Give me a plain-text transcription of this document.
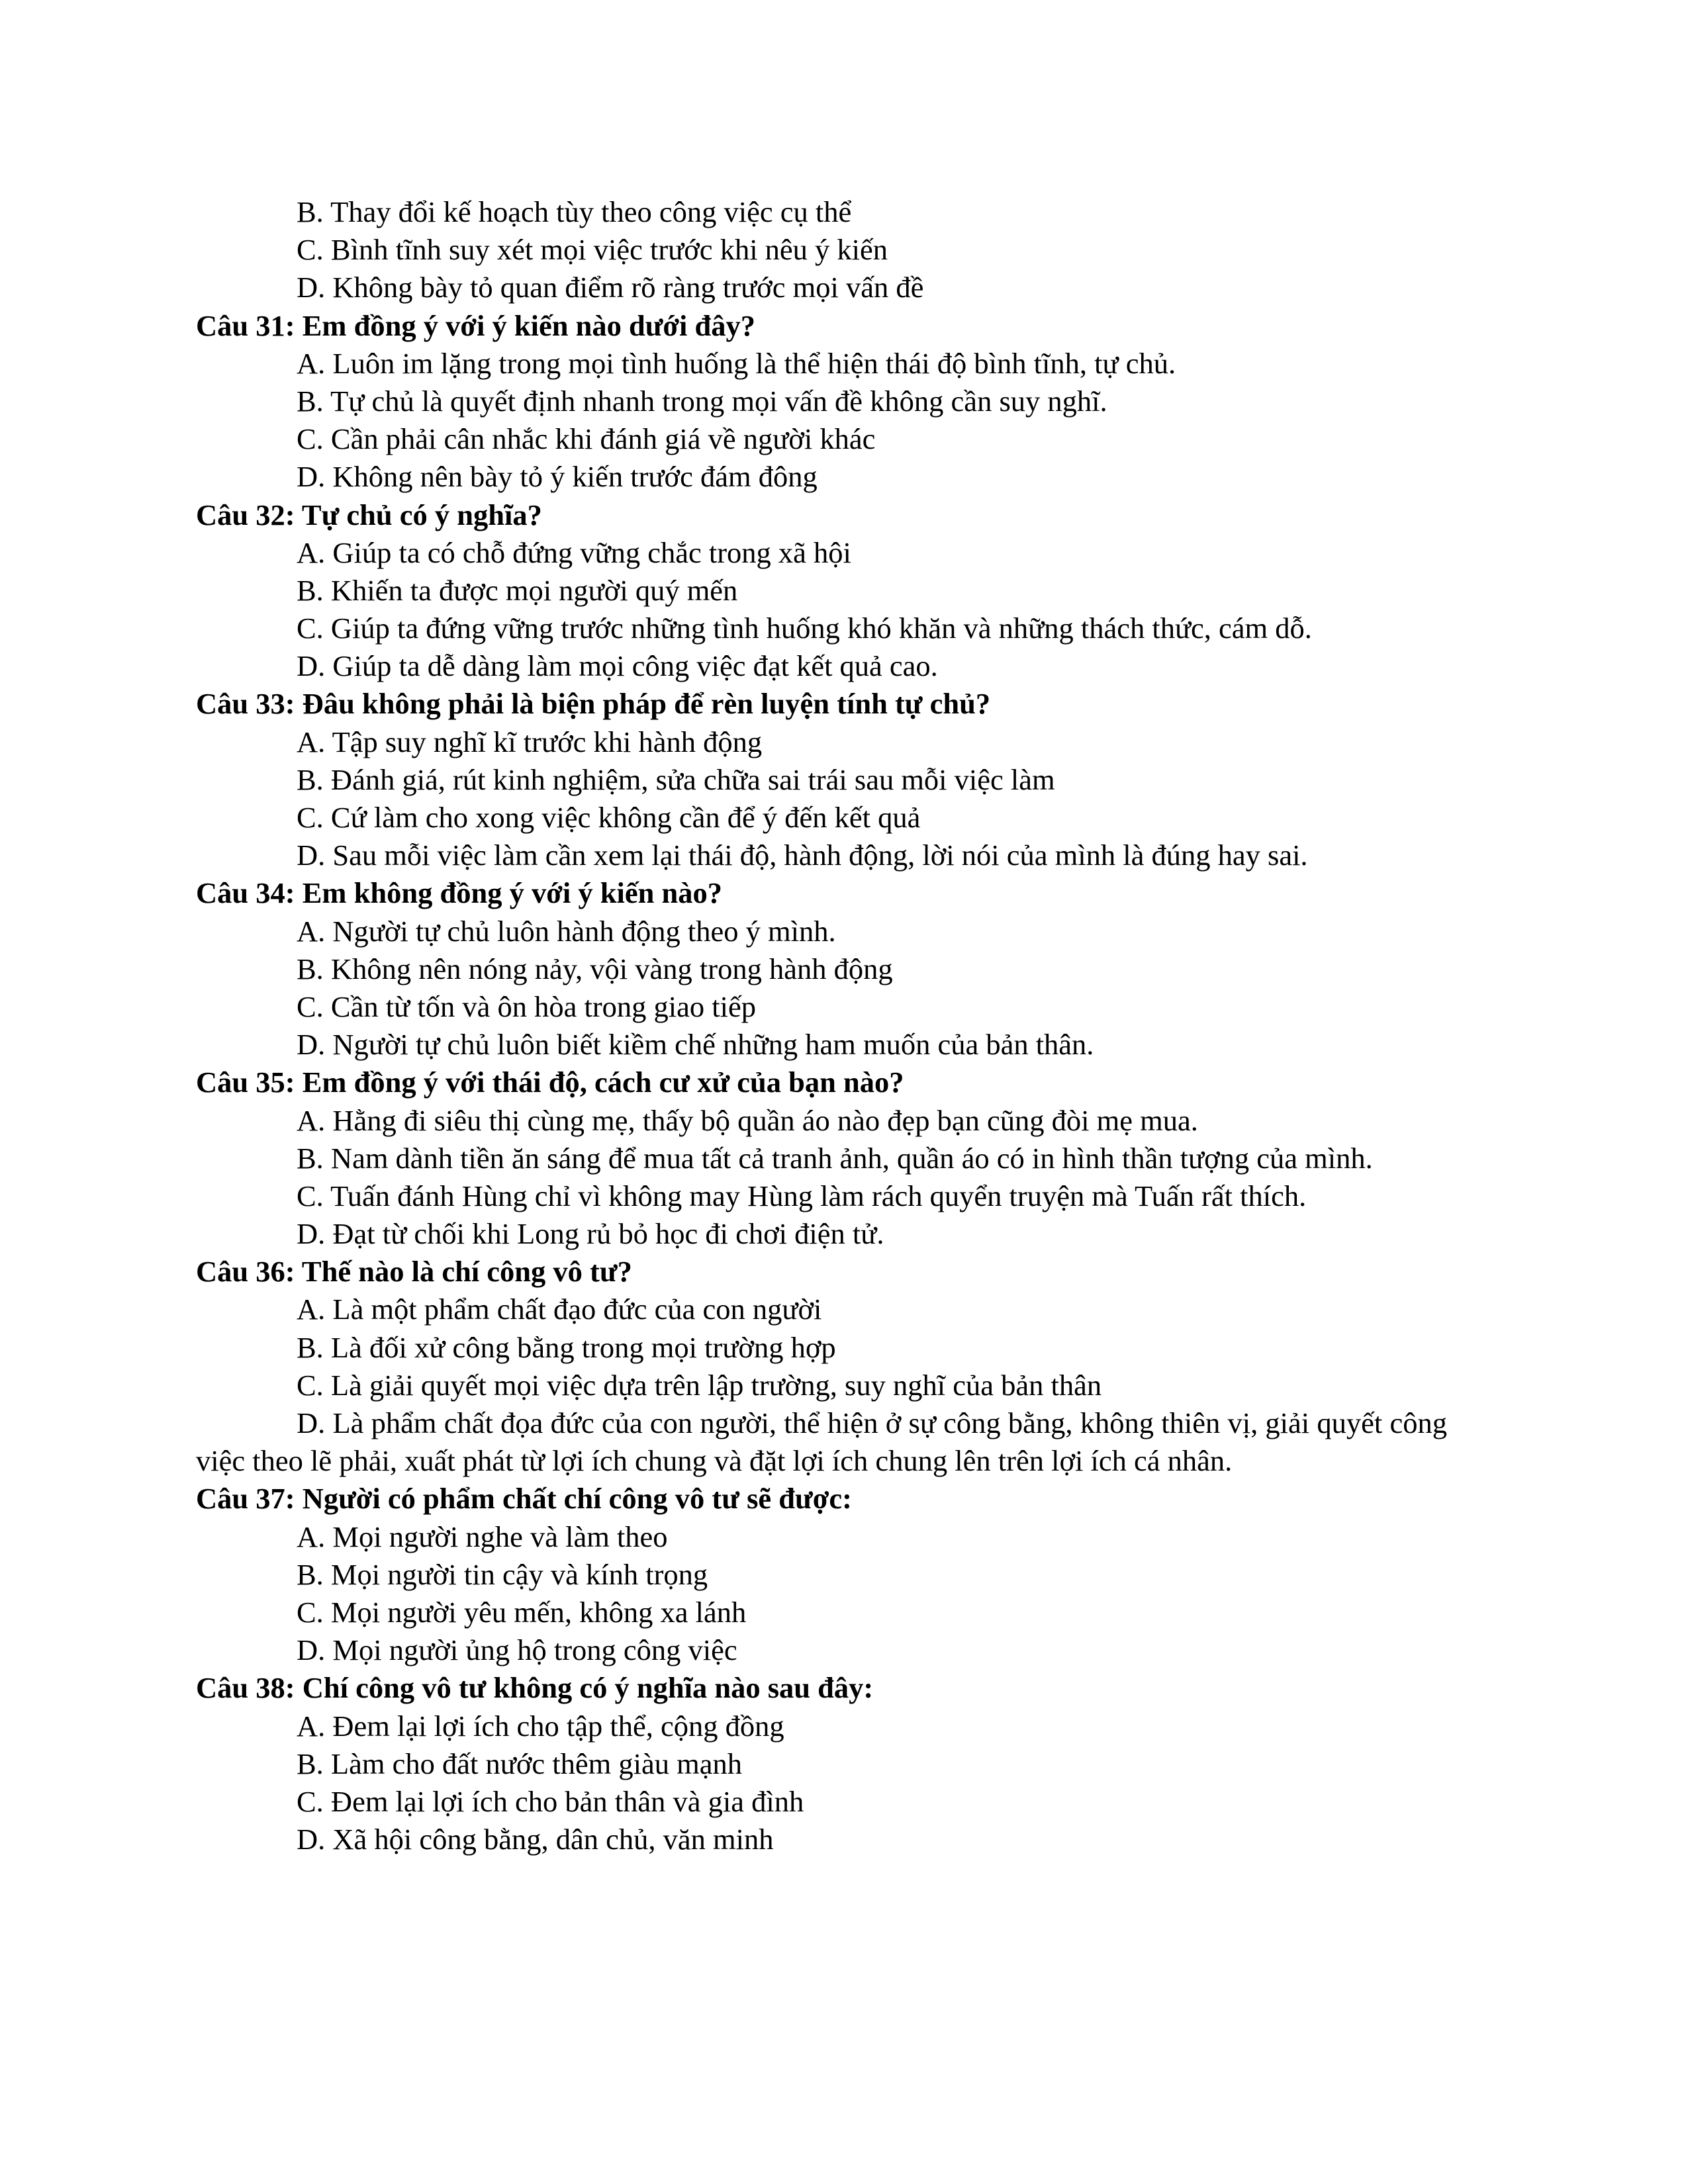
B. Thay đổi kế hoạch tùy theo công việc cụ thể
C. Bình tĩnh suy xét mọi việc trước khi nêu ý kiến
D. Không bày tỏ quan điểm rõ ràng trước mọi vấn đề
Câu 31: Em đồng ý với ý kiến nào dưới đây?
A. Luôn im lặng trong mọi tình huống là thể hiện thái độ bình tĩnh, tự chủ.
B. Tự chủ là quyết định nhanh trong mọi vấn đề không cần suy nghĩ.
C. Cần phải cân nhắc khi đánh giá về người khác
D. Không nên bày tỏ ý kiến trước đám đông
Câu 32: Tự chủ có ý nghĩa?
A. Giúp ta có chỗ đứng vững chắc trong xã hội
B. Khiến ta được mọi người quý mến
C. Giúp ta đứng vững trước những tình huống khó khăn và những thách thức, cám dỗ.
D. Giúp ta dễ dàng làm mọi công việc đạt kết quả cao.
Câu 33: Đâu không phải là biện pháp để rèn luyện tính tự chủ?
A. Tập suy nghĩ kĩ trước khi hành động
B. Đánh giá, rút kinh nghiệm, sửa chữa sai trái sau mỗi việc làm
C. Cứ làm cho xong việc không cần để ý đến kết quả
D. Sau mỗi việc làm cần xem lại thái độ, hành động, lời nói của mình là đúng hay sai.
Câu 34: Em không đồng ý với ý kiến nào?
A. Người tự chủ luôn hành động theo ý mình.
B. Không nên nóng nảy, vội vàng trong hành động
C. Cần từ tốn và ôn hòa trong giao tiếp
D. Người tự chủ luôn biết kiềm chế những ham muốn của bản thân.
Câu 35: Em đồng ý với thái độ, cách cư xử của bạn nào?
A. Hằng đi siêu thị cùng mẹ, thấy bộ quần áo nào đẹp bạn cũng đòi mẹ mua.
B. Nam dành tiền ăn sáng để mua tất cả tranh ảnh, quần áo có in hình thần tượng của mình.
C. Tuấn đánh Hùng chỉ vì không may Hùng làm rách quyển truyện mà Tuấn rất thích.
D. Đạt từ chối khi Long rủ bỏ học đi chơi điện tử.
Câu 36: Thế nào là chí công vô tư?
A. Là một phẩm chất đạo đức của con người
B. Là đối xử công bằng trong mọi trường hợp
C. Là giải quyết mọi việc dựa trên lập trường, suy nghĩ của bản thân
D. Là phẩm chất đọa đức của con người, thể hiện ở sự công bằng, không thiên vị, giải quyết công việc theo lẽ phải, xuất phát từ lợi ích chung và đặt lợi ích chung lên trên lợi ích cá nhân.
Câu 37: Người có phẩm chất chí công vô tư sẽ được:
A. Mọi người nghe và làm theo
B. Mọi người tin cậy và kính trọng
C. Mọi người yêu mến, không xa lánh
D. Mọi người ủng hộ trong công việc
Câu 38: Chí công vô tư không có ý nghĩa nào sau đây:
A. Đem lại lợi ích cho tập thể, cộng đồng
B. Làm cho đất nước thêm giàu mạnh
C. Đem lại lợi ích cho bản thân và gia đình
D. Xã hội công bằng, dân chủ, văn minh
